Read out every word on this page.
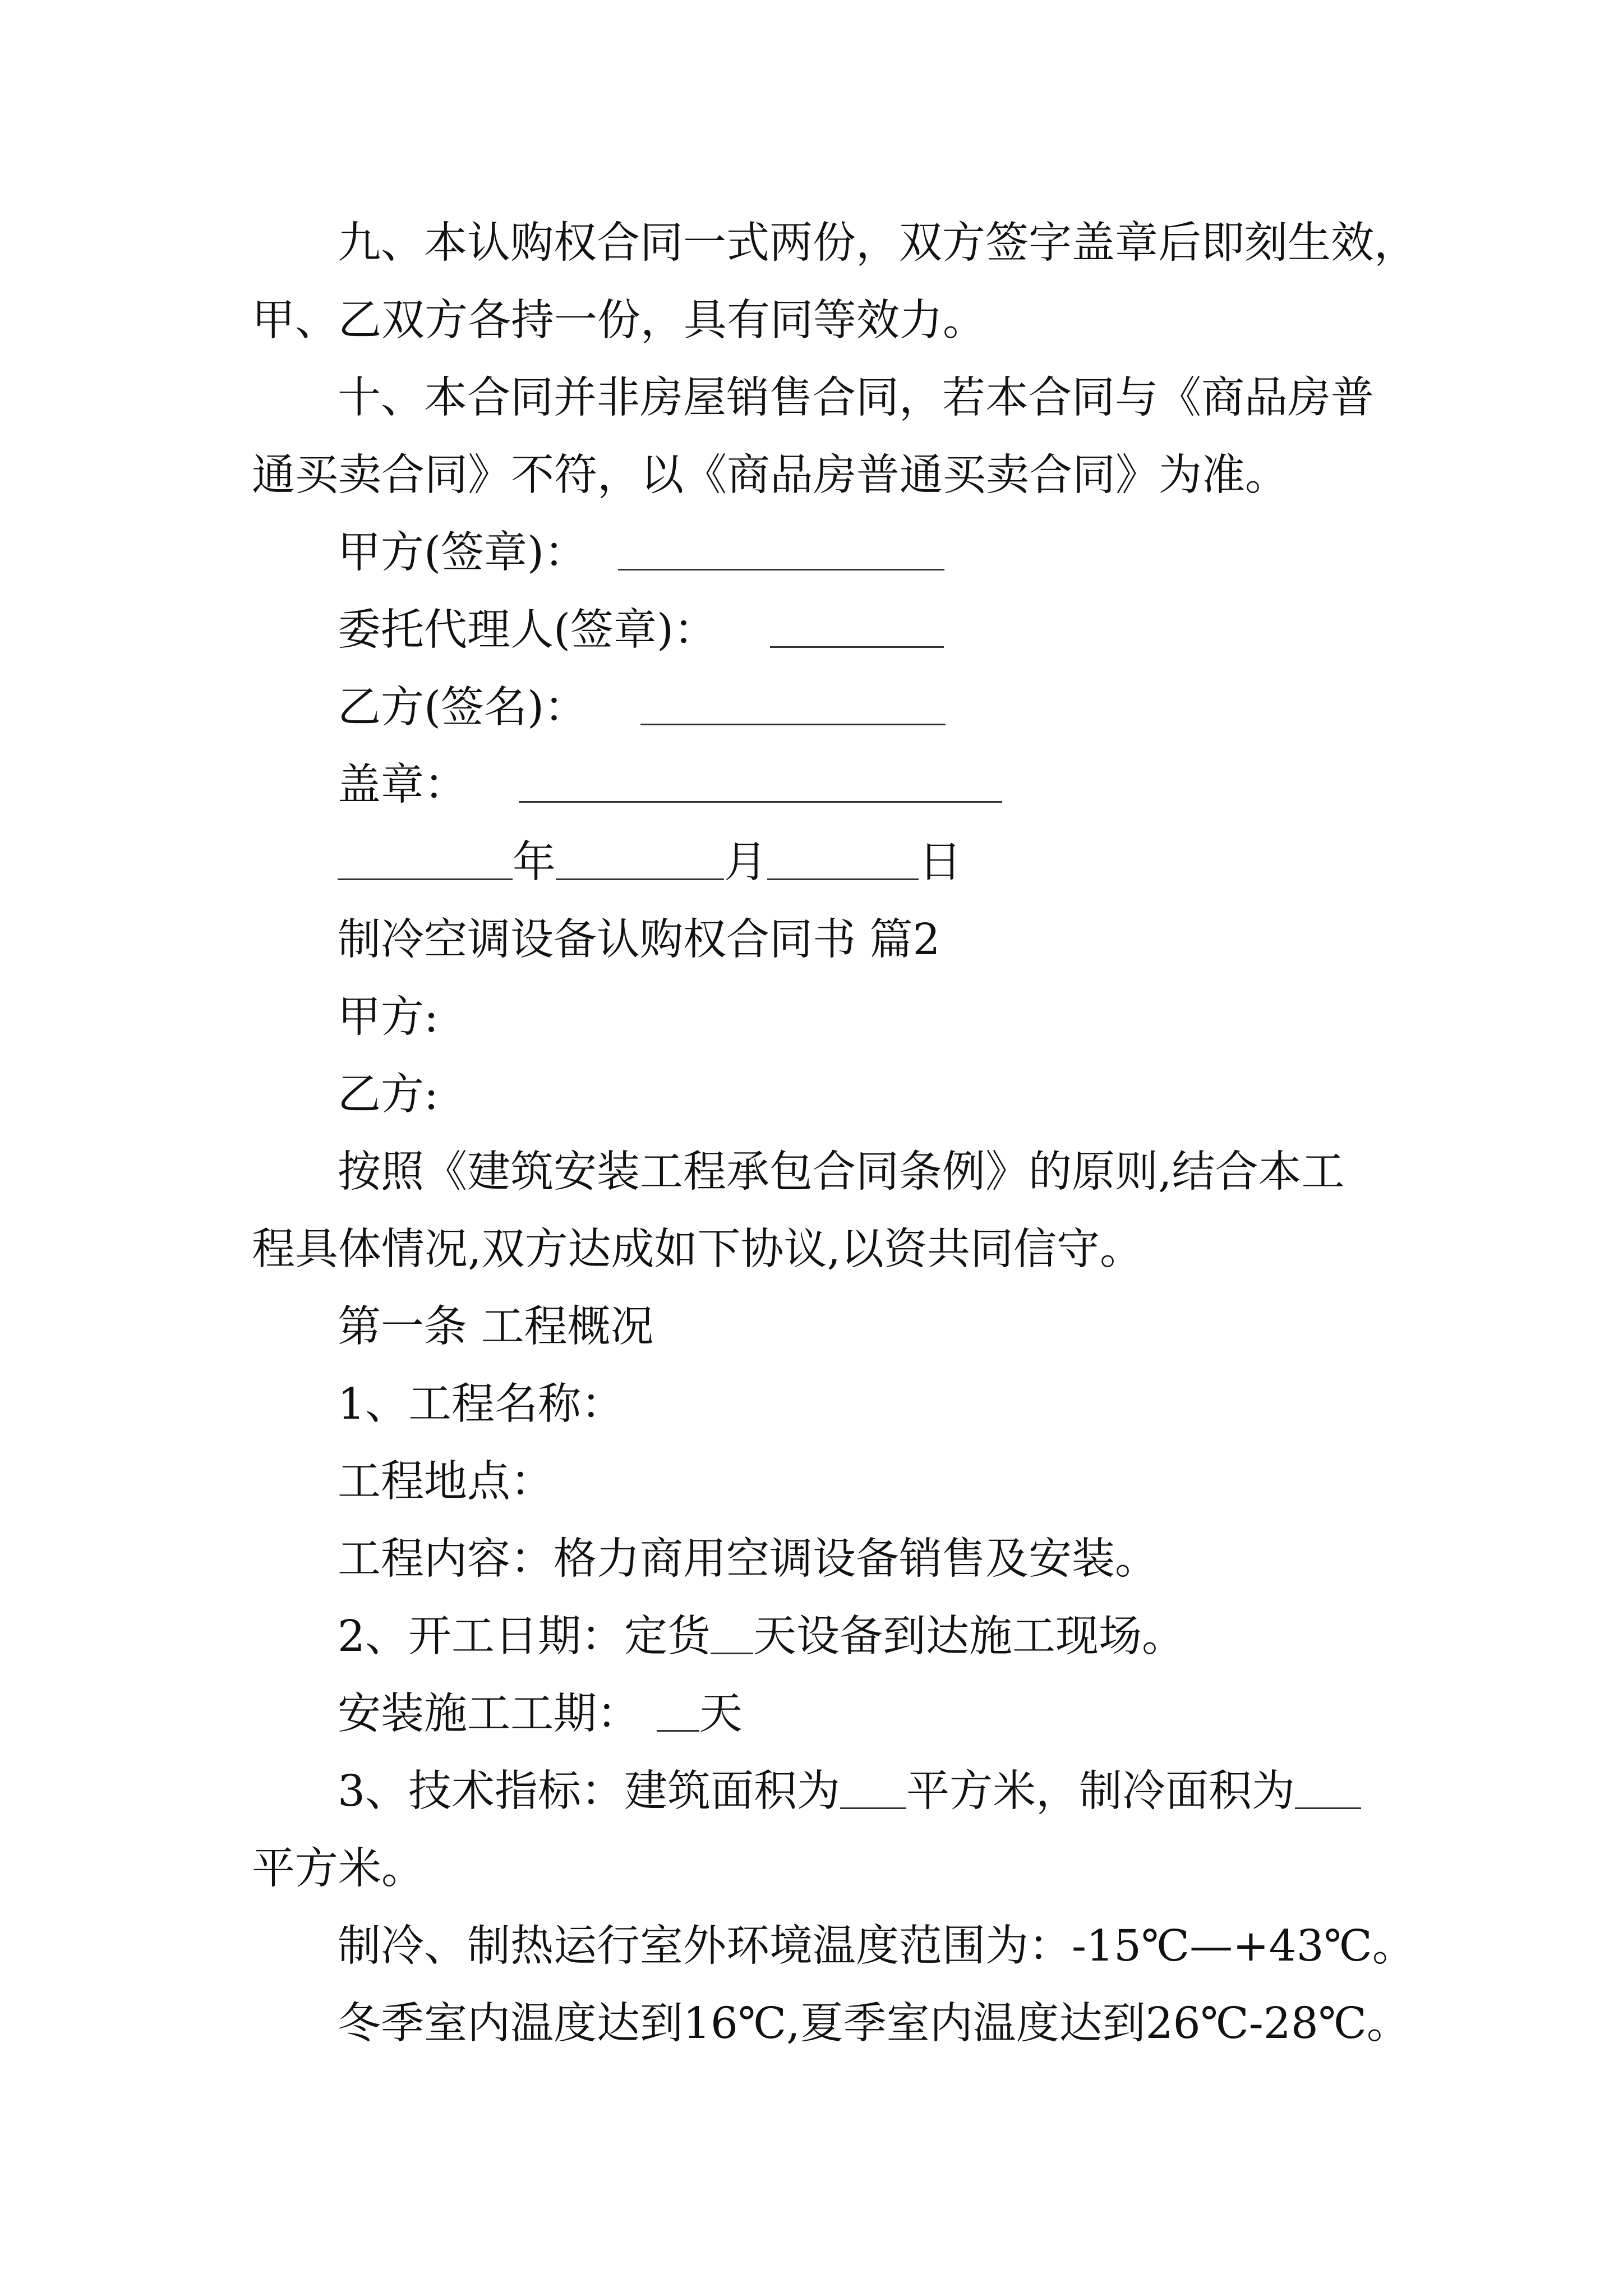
九、本认购权合同一式两份，双方签字盖章后即刻生效，
甲、乙双方各持一份，具有同等效力。
十、本合同并非房屋销售合同，若本合同与《商品房普
通买卖合同》不符，以《商品房普通买卖合同》为准。
甲方(签章)：
委托代理人(签章)：
乙方(签名)：
盖章：
年	月	日
制冷空调设备认购权合同书 篇2
甲方:
乙方:
按照《建筑安装工程承包合同条例》的原则,结合本工
程具体情况,双方达成如下协议,以资共同信守。
第一条 工程概况
1、工程名称：
工程地点：
工程内容：格力商用空调设备销售及安装。
2、开工日期：定货 天设备到达施工现场。
安装施工工期： 天
3、技术指标：建筑面积为 平方米，制冷面积为
平方米。
制冷、制热运行室外环境温度范围为：-15℃—+43℃。
冬季室内温度达到16℃,夏季室内温度达到26℃-28℃。
